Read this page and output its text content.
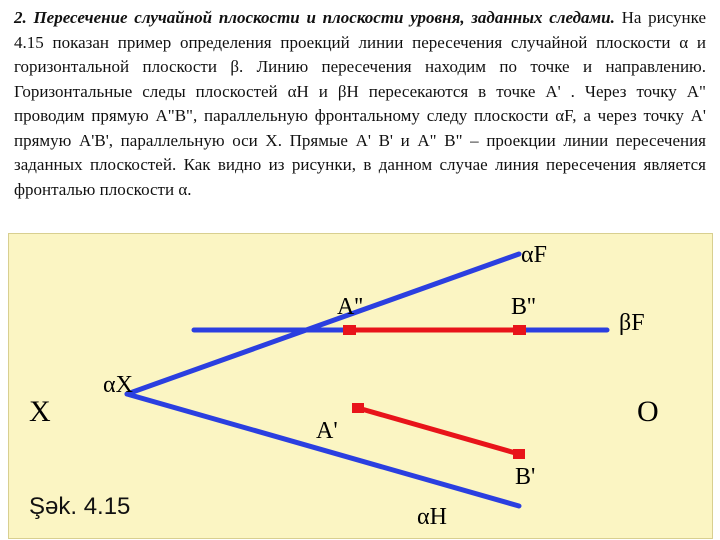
2. Пересечение случайной плоскости и плоскости уровня, заданных следами. На рисунке 4.15 показан пример определения проекций линии пересечения случайной плоскости α и горизонтальной плоскости β. Линию пересечения находим по точке и направлению. Горизонтальные следы плоскостей αH и βH пересекаются в точке A' . Через точку A" проводим прямую A"B", параллельную фронтальному следу плоскости αF, а через точку A' прямую A'B', параллельную оси X. Прямые A' B' и A" B" – проекции линии пересечения заданных плоскостей. Как видно из рисунки, в данном случае линия пересечения является фронталью плоскости α.

αF
βF
αX
αH
X	O
A''	B''
A'
B'
Şək. 4.15
